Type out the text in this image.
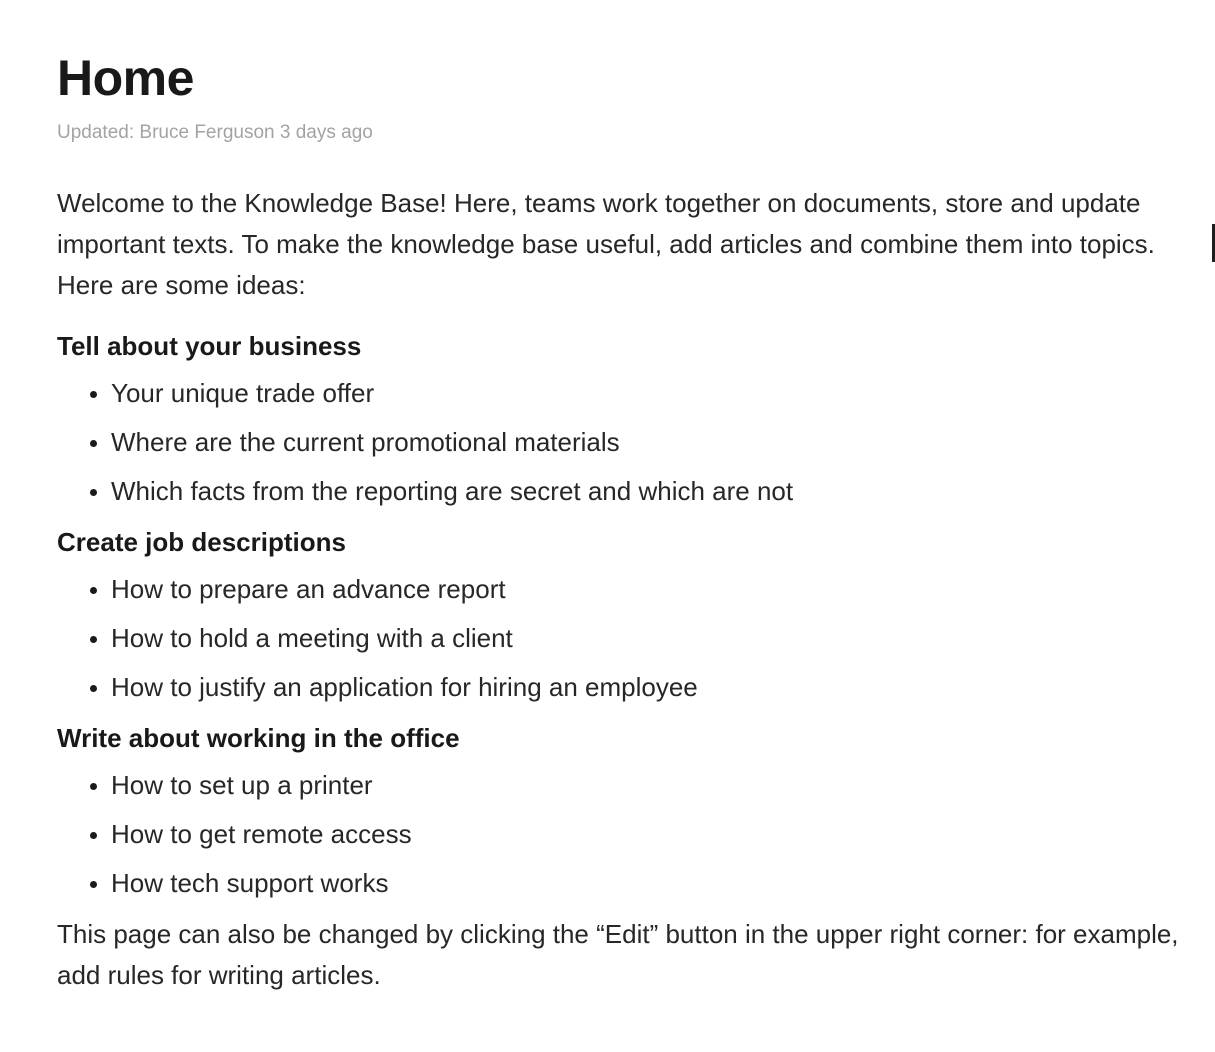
Home

Updated: Bruce Ferguson 3 days ago

Welcome to the Knowledge Base! Here, teams work together on documents, store and update important texts. To make the knowledge base useful, add articles and combine them into topics. Here are some ideas:

Tell about your business
• Your unique trade offer
• Where are the current promotional materials
• Which facts from the reporting are secret and which are not
Create job descriptions
• How to prepare an advance report
• How to hold a meeting with a client
• How to justify an application for hiring an employee
Write about working in the office
• How to set up a printer
• How to get remote access
• How tech support works

This page can also be changed by clicking the “Edit” button in the upper right corner: for example, add rules for writing articles.
